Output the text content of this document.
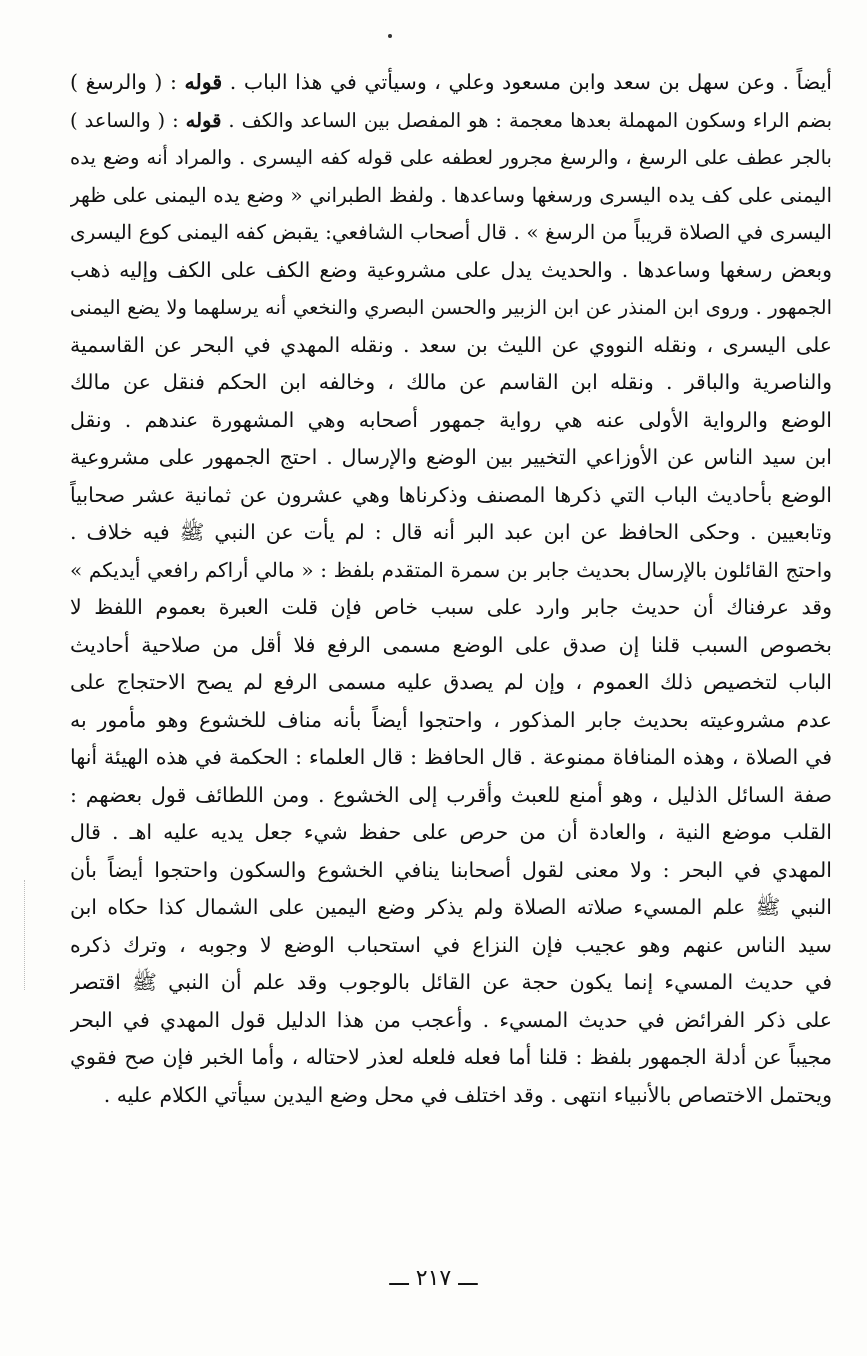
أيضاً . وعن سهل بن سعد وابن مسعود وعلي ، وسيأتي في هذا الباب . قوله : ( والرسغ )
بضم الراء وسكون المهملة بعدها معجمة : هو المفصل بين الساعد والكف . قوله : ( والساعد )
بالجر عطف على الرسغ ، والرسغ مجرور لعطفه على قوله كفه اليسرى . والمراد أنه وضع يده
اليمنى على كف يده اليسرى ورسغها وساعدها . ولفظ الطبراني « وضع يده اليمنى على ظهر
اليسرى في الصلاة قريباً من الرسغ » . قال أصحاب الشافعي: يقبض كفه اليمنى كوع اليسرى
وبعض رسغها وساعدها . والحديث يدل على مشروعية وضع الكف على الكف وإليه ذهب
الجمهور . وروى ابن المنذر عن ابن الزبير والحسن البصري والنخعي أنه يرسلهما ولا يضع اليمنى
على اليسرى ، ونقله النووي عن الليث بن سعد . ونقله المهدي في البحر عن القاسمية
والناصرية والباقر . ونقله ابن القاسم عن مالك ، وخالفه ابن الحكم فنقل عن مالك
الوضع والرواية الأولى عنه هي رواية جمهور أصحابه وهي المشهورة عندهم . ونقل
ابن سيد الناس عن الأوزاعي التخيير بين الوضع والإرسال . احتج الجمهور على مشروعية
الوضع بأحاديث الباب التي ذكرها المصنف وذكرناها وهي عشرون عن ثمانية عشر صحابياً
وتابعيين . وحكى الحافظ عن ابن عبد البر أنه قال : لم يأت عن النبي ﷺ فيه خلاف .
واحتج القائلون بالإرسال بحديث جابر بن سمرة المتقدم بلفظ : « مالي أراكم رافعي أيديكم »
وقد عرفناك أن حديث جابر وارد على سبب خاص فإن قلت العبرة بعموم اللفظ لا
بخصوص السبب قلنا إن صدق على الوضع مسمى الرفع فلا أقل من صلاحية أحاديث
الباب لتخصيص ذلك العموم ، وإن لم يصدق عليه مسمى الرفع لم يصح الاحتجاج على
عدم مشروعيته بحديث جابر المذكور ، واحتجوا أيضاً بأنه مناف للخشوع وهو مأمور به
في الصلاة ، وهذه المنافاة ممنوعة . قال الحافظ : قال العلماء : الحكمة في هذه الهيئة أنها
صفة السائل الذليل ، وهو أمنع للعبث وأقرب إلى الخشوع . ومن اللطائف قول بعضهم :
القلب موضع النية ، والعادة أن من حرص على حفظ شيء جعل يديه عليه اهـ . قال
المهدي في البحر : ولا معنى لقول أصحابنا ينافي الخشوع والسكون واحتجوا أيضاً بأن
النبي ﷺ علم المسيء صلاته الصلاة ولم يذكر وضع اليمين على الشمال كذا حكاه ابن
سيد الناس عنهم وهو عجيب فإن النزاع في استحباب الوضع لا وجوبه ، وترك ذكره
في حديث المسيء إنما يكون حجة عن القائل بالوجوب وقد علم أن النبي ﷺ اقتصر
على ذكر الفرائض في حديث المسيء . وأعجب من هذا الدليل قول المهدي في البحر
مجيباً عن أدلة الجمهور بلفظ : قلنا أما فعله فلعله لعذر لاحتاله ، وأما الخبر فإن صح فقوي
ويحتمل الاختصاص بالأنبياء انتهى . وقد اختلف في محل وضع اليدين سيأتي الكلام عليه .
ـــ ٢١٧ ـــ
